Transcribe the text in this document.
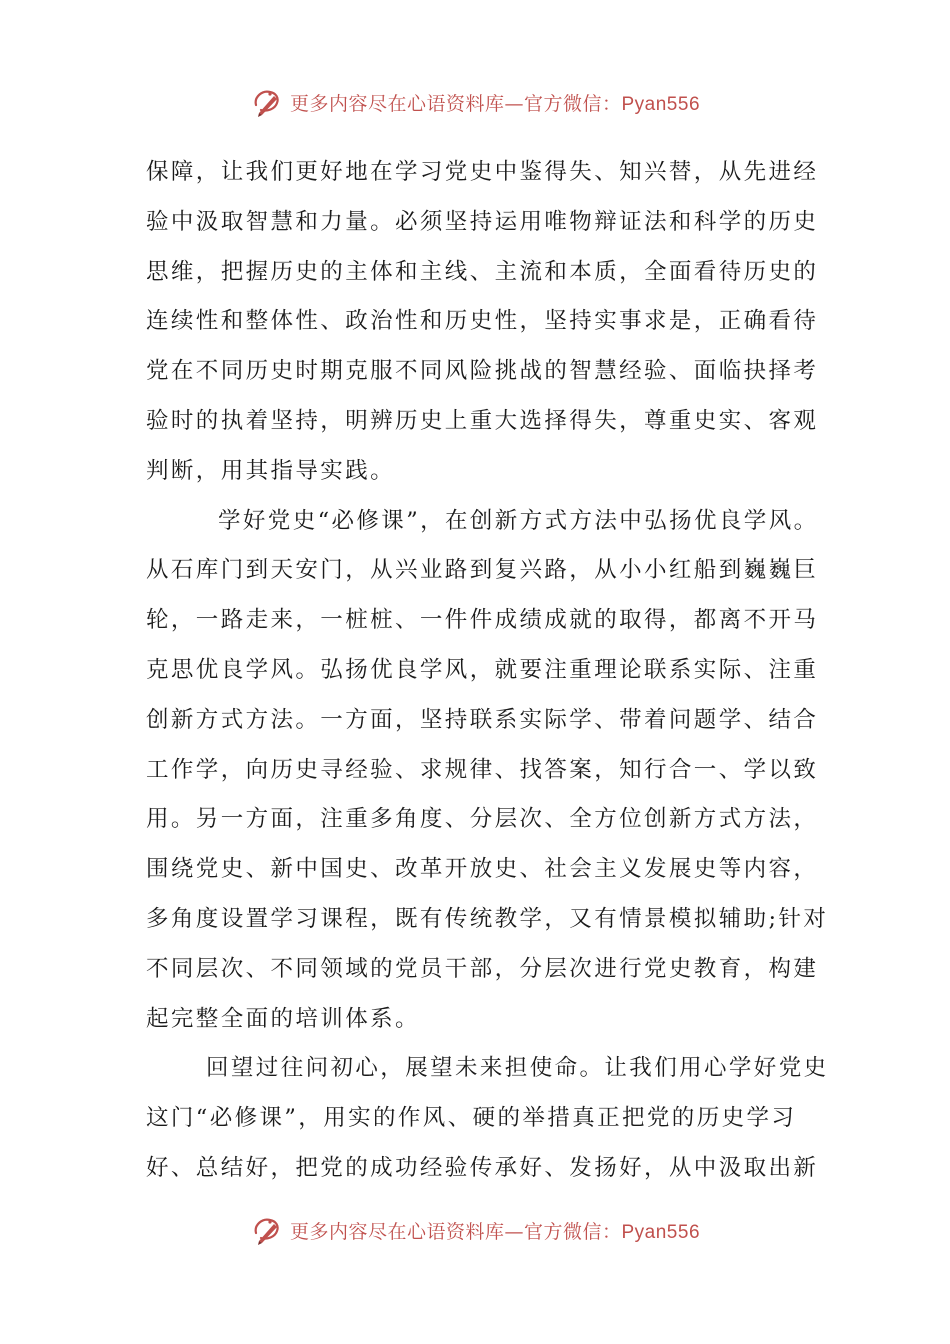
更多内容尽在心语资料库—官方微信：Pyan556
保障，让我们更好地在学习党史中鉴得失、知兴替，从先进经
验中汲取智慧和力量。必须坚持运用唯物辩证法和科学的历史
思维，把握历史的主体和主线、主流和本质，全面看待历史的
连续性和整体性、政治性和历史性，坚持实事求是，正确看待
党在不同历史时期克服不同风险挑战的智慧经验、面临抉择考
验时的执着坚持，明辨历史上重大选择得失，尊重史实、客观
判断，用其指导实践。
学好党史“必修课”，在创新方式方法中弘扬优良学风。
从石库门到天安门，从兴业路到复兴路，从小小红船到巍巍巨
轮，一路走来，一桩桩、一件件成绩成就的取得，都离不开马
克思优良学风。弘扬优良学风，就要注重理论联系实际、注重
创新方式方法。一方面，坚持联系实际学、带着问题学、结合
工作学，向历史寻经验、求规律、找答案，知行合一、学以致
用。另一方面，注重多角度、分层次、全方位创新方式方法，
围绕党史、新中国史、改革开放史、社会主义发展史等内容，
多角度设置学习课程，既有传统教学，又有情景模拟辅助;针对
不同层次、不同领域的党员干部，分层次进行党史教育，构建
起完整全面的培训体系。
回望过往问初心，展望未来担使命。让我们用心学好党史
这门“必修课”，用实的作风、硬的举措真正把党的历史学习
好、总结好，把党的成功经验传承好、发扬好，从中汲取出新
更多内容尽在心语资料库—官方微信：Pyan556
